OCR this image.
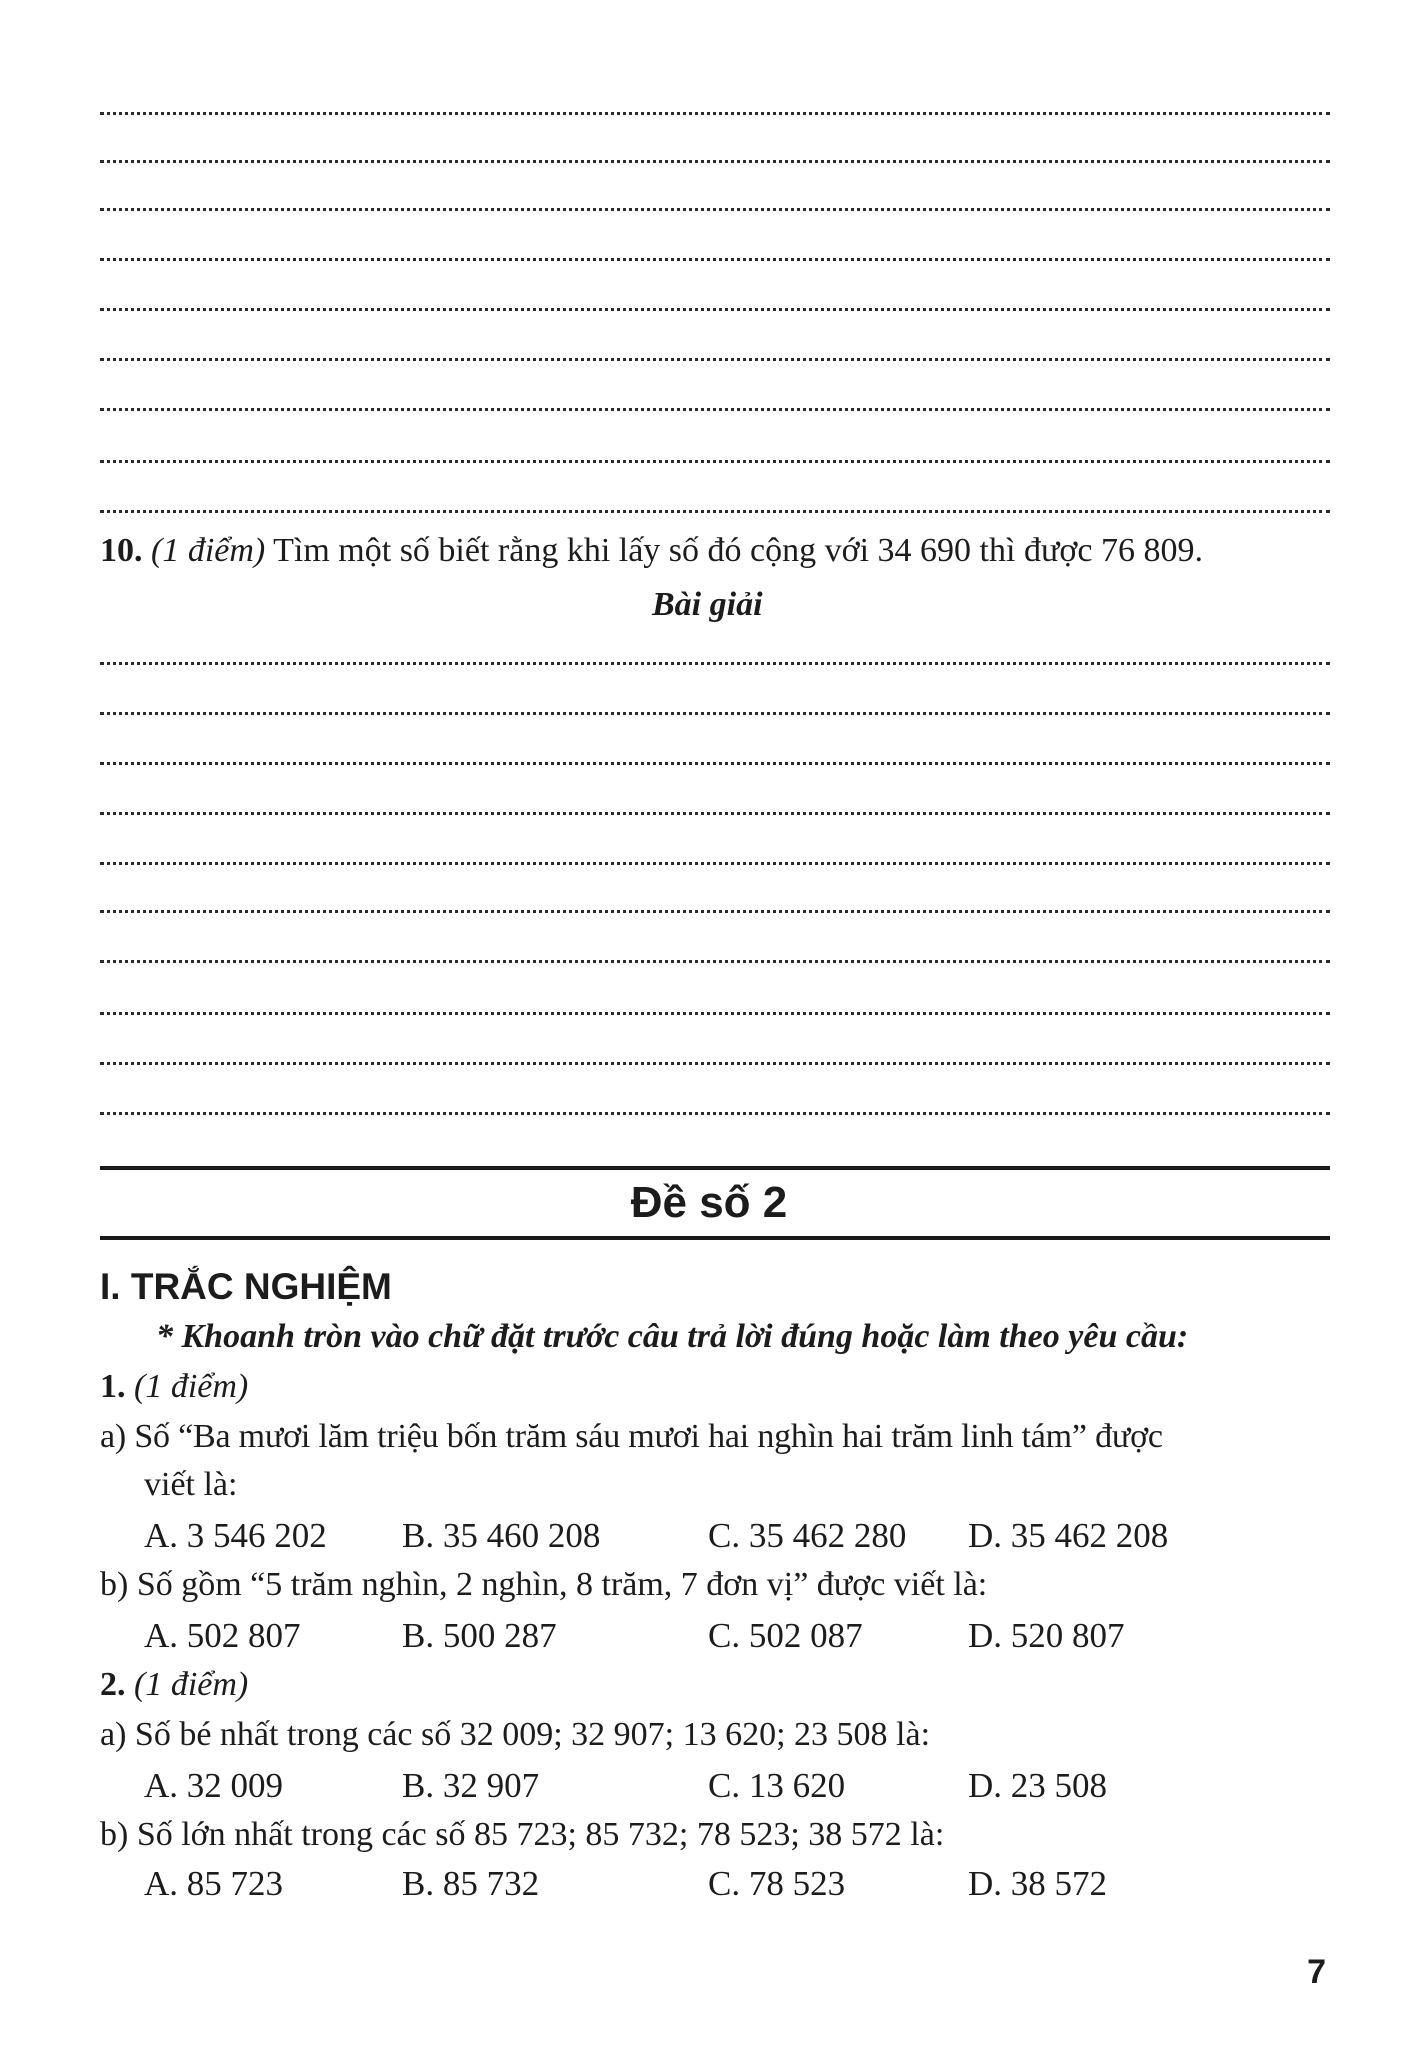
10. (1 điểm) Tìm một số biết rằng khi lấy số đó cộng với 34 690 thì được 76 809.
Bài giải
Đề số 2
I. TRẮC NGHIỆM
* Khoanh tròn vào chữ đặt trước câu trả lời đúng hoặc làm theo yêu cầu:
1. (1 điểm)
a) Số “Ba mươi lăm triệu bốn trăm sáu mươi hai nghìn hai trăm linh tám” được
viết là:
A. 3 546 202 B. 35 460 208	C. 35 462 280 D. 35 462 208
b) Số gồm “5 trăm nghìn, 2 nghìn, 8 trăm, 7 đơn vị” được viết là:
A. 502 807	B. 500 287	C. 502 087	D. 520 807
2. (1 điểm)
a) Số bé nhất trong các số 32 009; 32 907; 13 620; 23 508 là:
A. 32 009	B. 32 907	C. 13 620	D. 23 508
b) Số lớn nhất trong các số 85 723; 85 732; 78 523; 38 572 là:
A. 85 723	B. 85 732	C. 78 523	D. 38 572
7
